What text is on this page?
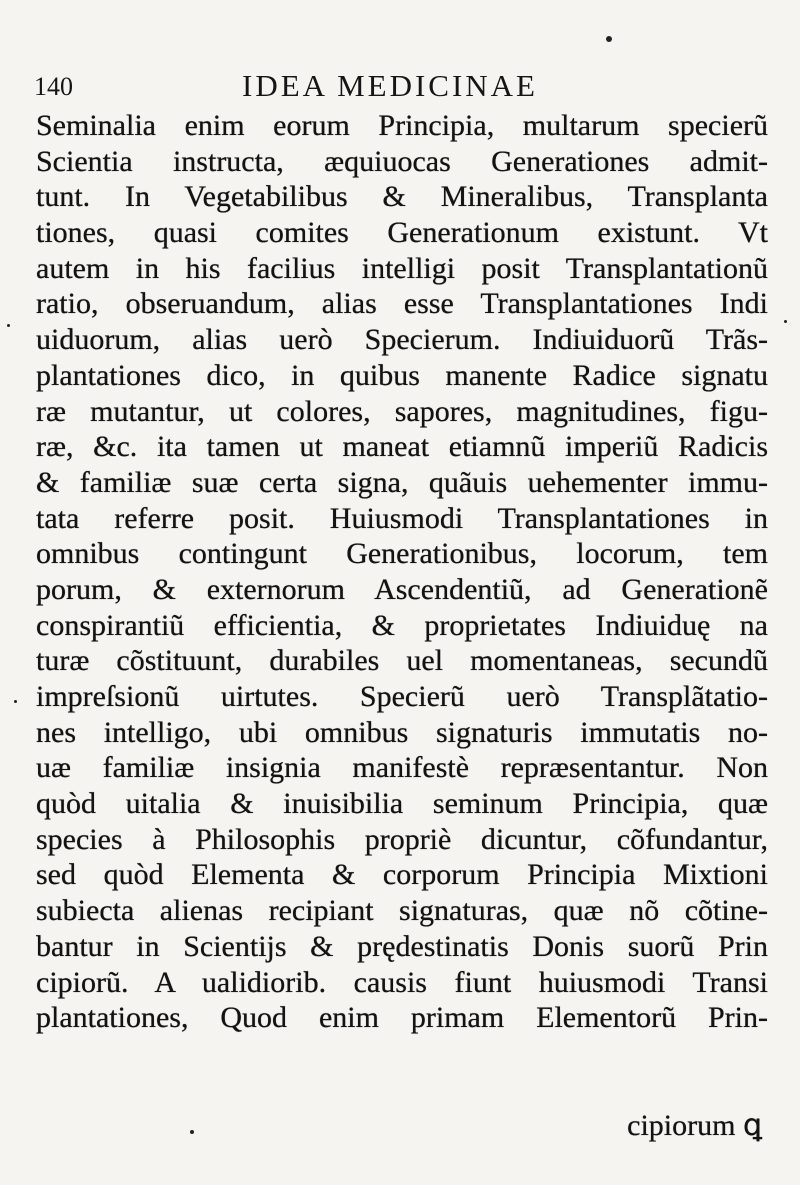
140	IDEA MEDICINAE
Seminalia enim eorum Principia, multarum specierũ
Scientia instructa, æquiuocas Generationes admit-
tunt. In Vegetabilibus & Mineralibus, Transplanta
tiones, quasi comites Generationum existunt. Vt
autem in his facilius intelligi posit Transplantationũ
ratio, obseruandum, alias esse Transplantationes Indi
uiduorum, alias uerò Specierum. Indiuiduorũ Trãs-
plantationes dico, in quibus manente Radice signatu
ræ mutantur, ut colores, sapores, magnitudines, figu-
ræ, &c. ita tamen ut maneat etiamnũ imperiũ Radicis
& familiæ suæ certa signa, quãuis uehementer immu-
tata referre posit. Huiusmodi Transplantationes in
omnibus contingunt Generationibus, locorum, tem
porum, & externorum Ascendentiũ, ad Generationẽ
conspirantiũ efficientia, & proprietates Indiuiduę na
turæ cõstituunt, durabiles uel momentaneas, secundũ
impreſsionũ uirtutes. Specierũ uerò Transplãtatio-
nes intelligo, ubi omnibus signaturis immutatis no-
uæ familiæ insignia manifestè repræsentantur. Non
quòd uitalia & inuisibilia seminum Principia, quæ
species à Philosophis propriè dicuntur, cõfundantur,
sed quòd Elementa & corporum Principia Mixtioni
subiecta alienas recipiant signaturas, quæ nõ cõtine-
bantur in Scientijs & prędestinatis Donis suorũ Prin
cipiorũ. A ualidiorib. causis fiunt huiusmodi Transi
plantationes, Quod enim primam Elementorũ Prin-
cipiorum ꝗ
